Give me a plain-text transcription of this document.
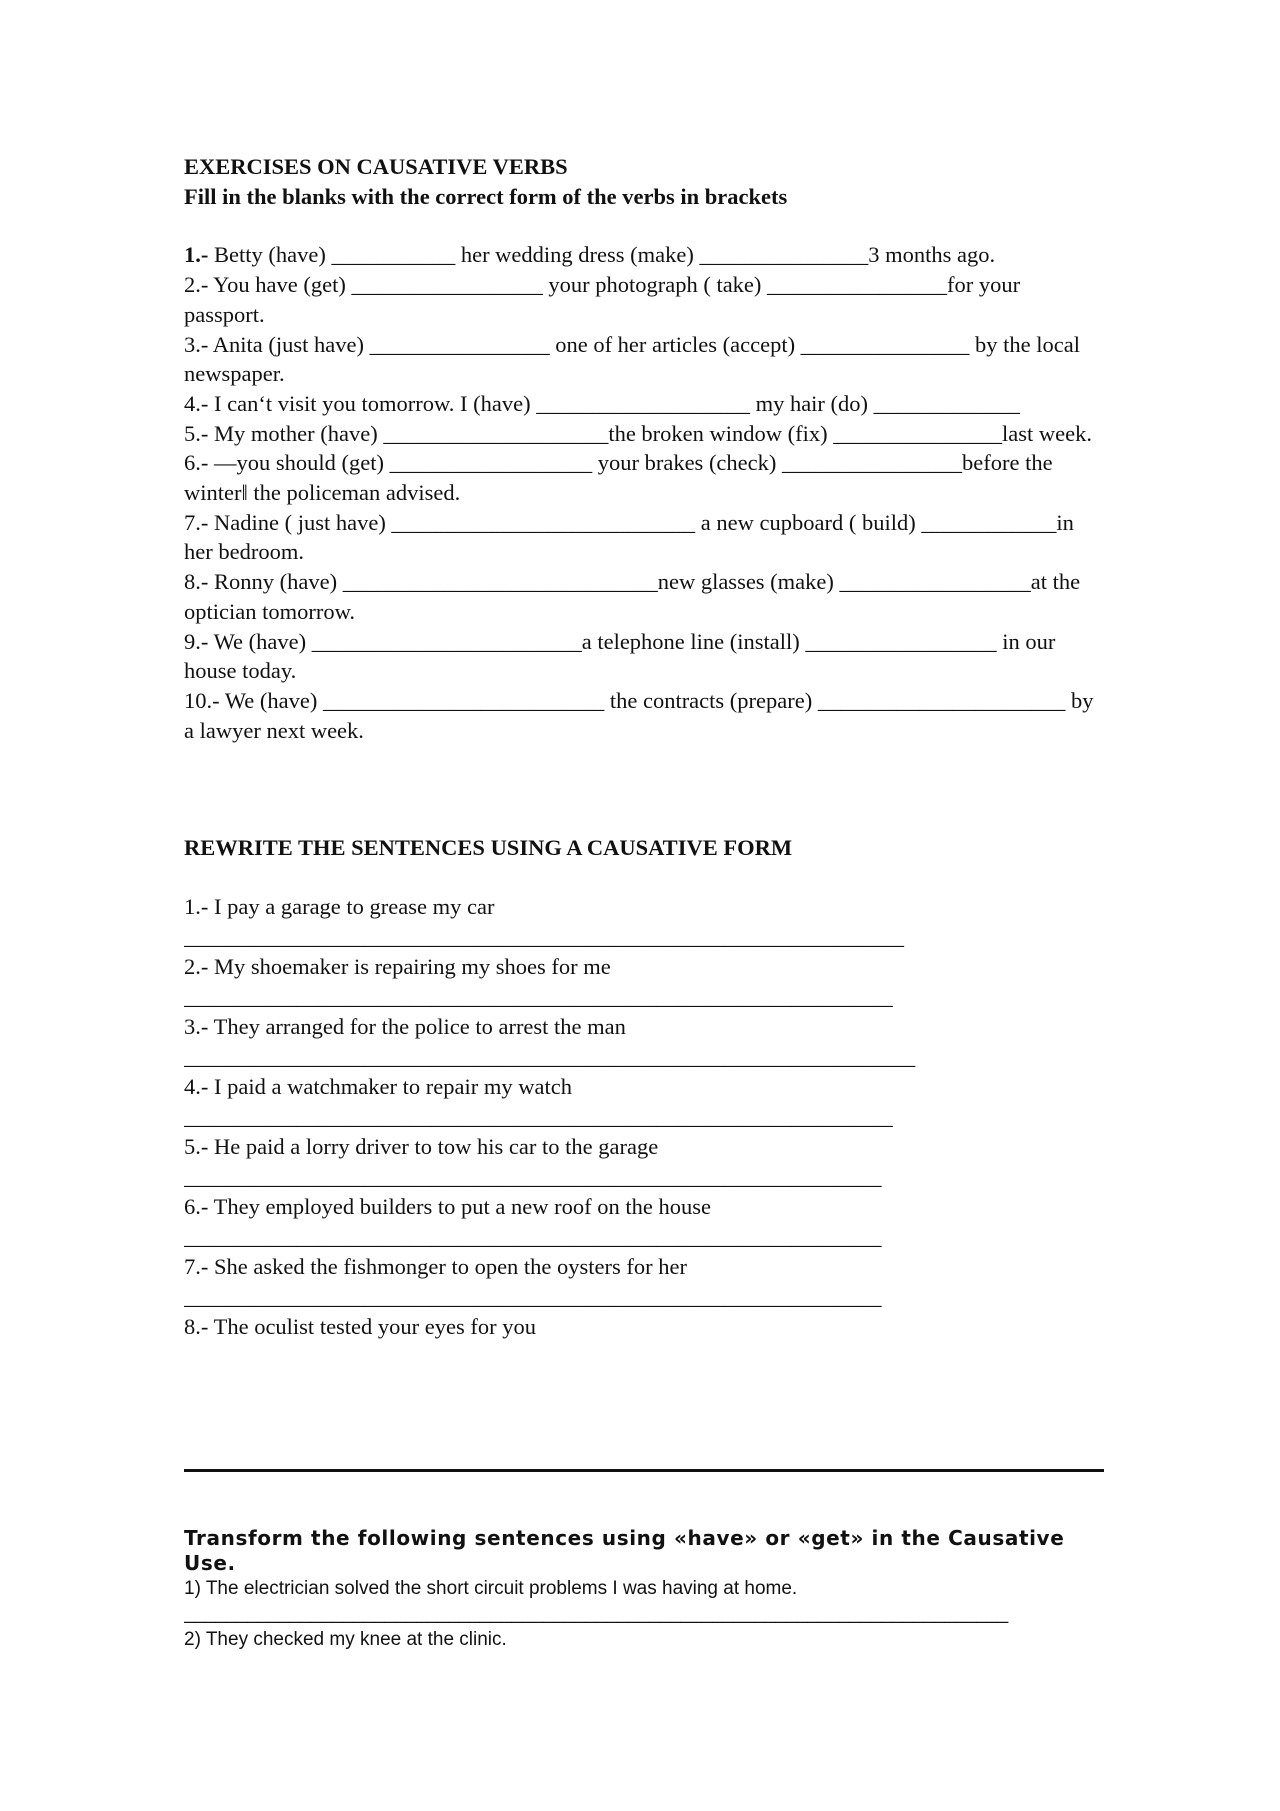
EXERCISES ON CAUSATIVE VERBS

Fill in the blanks with the correct form of the verbs in brackets

1.- Betty (have) ___________ her wedding dress (make) _______________3 months ago.

2.- You have (get) _________________ your photograph ( take) ________________for your passport.

3.- Anita (just have) ________________ one of her articles (accept) _______________ by the local newspaper.

4.- I can‘t visit you tomorrow. I (have) ___________________ my hair (do) _____________

5.- My mother (have) ____________________the broken window (fix) _______________last week.

6.- ―you should (get) __________________ your brakes (check) ________________before the winter‖ the policeman advised.

7.- Nadine ( just have) ___________________________ a new cupboard ( build) ____________in her bedroom.

8.- Ronny (have) ____________________________new glasses (make) _________________at the optician tomorrow.

9.- We (have) ________________________a telephone line (install) _________________ in our house today.

10.- We (have) _________________________ the contracts (prepare) ______________________ by a lawyer next week.

REWRITE THE SENTENCES USING A CAUSATIVE FORM

1.- I pay a garage to grease my car

________________________________________________________________

2.- My shoemaker is repairing my shoes for me

_______________________________________________________________

3.- They arranged for the police to arrest the man

_________________________________________________________________

4.- I paid a watchmaker to repair my watch

_______________________________________________________________

5.- He paid a lorry driver to tow his car to the garage

______________________________________________________________

6.- They employed builders to put a new roof on the house

______________________________________________________________

7.- She asked the fishmonger to open the oysters for her

______________________________________________________________

8.- The oculist tested your eyes for you

Transform the following sentences using «have» or «get» in the Causative Use.

1) The electrician solved the short circuit problems I was having at home.

______________________________________________________________________________

2) They checked my knee at the clinic.
